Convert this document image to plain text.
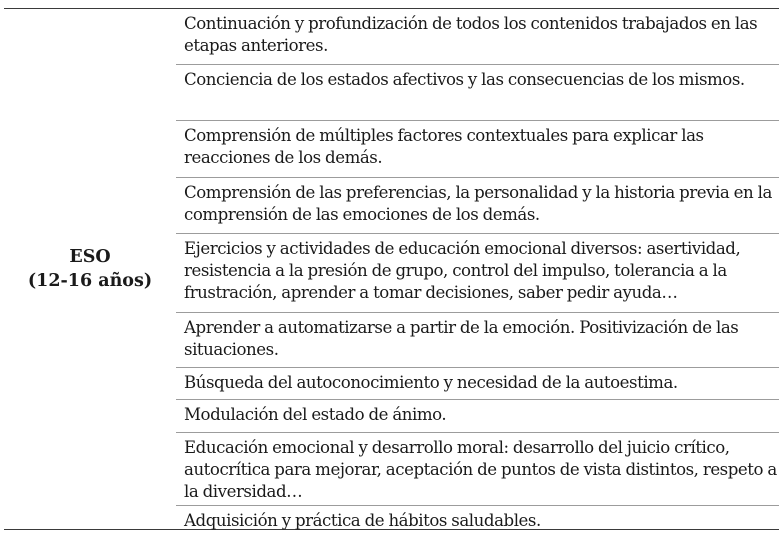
ESO
(12-16 años)
Continuación y profundización de todos los contenidos trabajados en las etapas anteriores.
Conciencia de los estados afectivos y las consecuencias de los mismos.
Comprensión de múltiples factores contextuales para explicar las reacciones de los demás.
Comprensión de las preferencias, la personalidad y la historia previa en la comprensión de las emociones de los demás.
Ejercicios y actividades de educación emocional diversos: asertividad, resistencia a la presión de grupo, control del impulso, tolerancia a la frustración, aprender a tomar decisiones, saber pedir ayuda…
Aprender a automatizarse a partir de la emoción. Positivización de las situaciones.
Búsqueda del autoconocimiento y necesidad de la autoestima.
Modulación del estado de ánimo.
Educación emocional y desarrollo moral: desarrollo del juicio crítico, autocrítica para mejorar, aceptación de puntos de vista distintos, respeto a la diversidad…
Adquisición y práctica de hábitos saludables.
